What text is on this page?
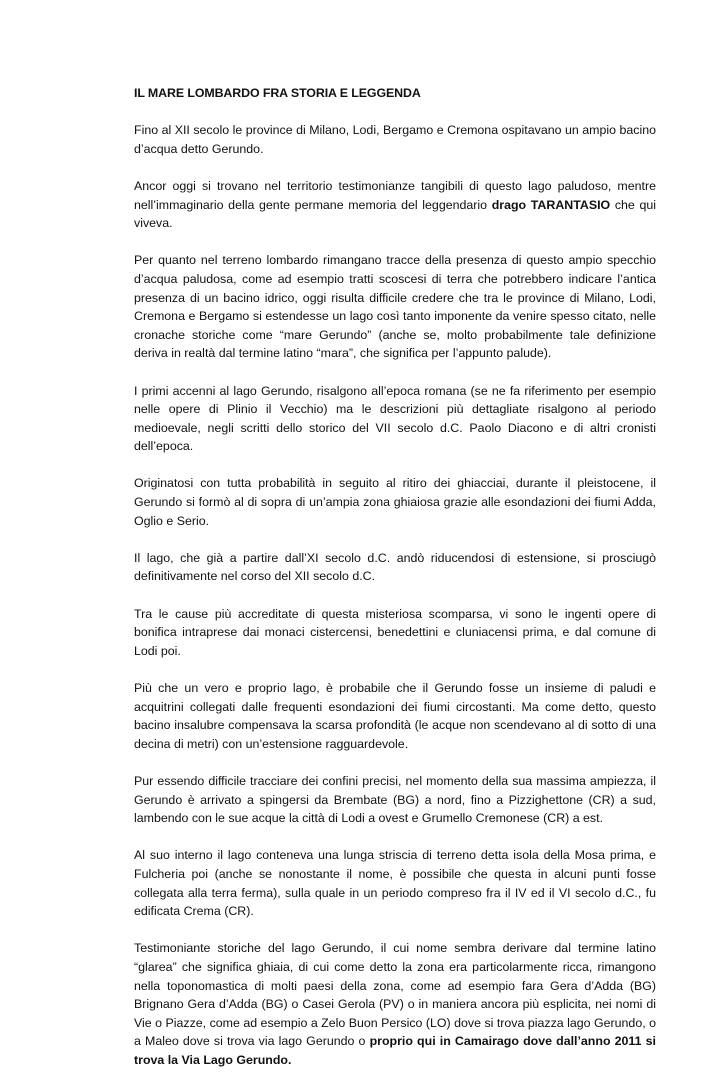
IL MARE LOMBARDO FRA STORIA E LEGGENDA

Fino al XII secolo le province di Milano, Lodi, Bergamo e Cremona ospitavano un ampio bacino d’acqua detto Gerundo.

Ancor oggi si trovano nel territorio testimonianze tangibili di questo lago paludoso, mentre nell’immaginario della gente permane memoria del leggendario drago TARANTASIO che qui viveva.

Per quanto nel terreno lombardo rimangano tracce della presenza di questo ampio specchio d’acqua paludosa, come ad esempio tratti scoscesi di terra che potrebbero indicare l’antica presenza di un bacino idrico, oggi risulta difficile credere che tra le province di Milano, Lodi, Cremona e Bergamo si estendesse un lago così tanto imponente da venire spesso citato, nelle cronache storiche come “mare Gerundo” (anche se, molto probabilmente tale definizione deriva in realtà dal termine latino “mara”, che significa per l’appunto palude).

I primi accenni al lago Gerundo, risalgono all’epoca romana (se ne fa riferimento per esempio nelle opere di Plinio il Vecchio) ma le descrizioni più dettagliate risalgono al periodo medioevale, negli scritti dello storico del VII secolo d.C. Paolo Diacono e di altri cronisti dell’epoca.

Originatosi con tutta probabilità in seguito al ritiro dei ghiacciai, durante il pleistocene, il Gerundo si formò al di sopra di un’ampia zona ghiaiosa grazie alle esondazioni dei fiumi Adda, Oglio e Serio.

Il lago, che già a partire dall’XI secolo d.C. andò riducendosi di estensione, si prosciugò definitivamente nel corso del XII secolo d.C.

Tra le cause più accreditate di questa misteriosa scomparsa, vi sono le ingenti opere di bonifica intraprese dai monaci cistercensi, benedettini e cluniacensi prima, e dal comune di Lodi poi.

Più che un vero e proprio lago, è probabile che il Gerundo fosse un insieme di paludi e acquitrini collegati dalle frequenti esondazioni dei fiumi circostanti. Ma come detto, questo bacino insalubre compensava la scarsa profondità (le acque non scendevano al di sotto di una decina di metri) con un’estensione ragguardevole.

Pur essendo difficile tracciare dei confini precisi, nel momento della sua massima ampiezza, il Gerundo è arrivato a spingersi da Brembate (BG) a nord, fino a Pizzighettone (CR) a sud, lambendo con le sue acque la città di Lodi a ovest e Grumello Cremonese (CR) a est.

Al suo interno il lago conteneva una lunga striscia di terreno detta isola della Mosa prima, e Fulcheria poi (anche se nonostante il nome, è possibile che questa in alcuni punti fosse collegata alla terra ferma), sulla quale in un periodo compreso fra il IV ed il VI secolo d.C., fu edificata Crema (CR).

Testimoniante storiche del lago Gerundo, il cui nome sembra derivare dal termine latino “glarea” che significa ghiaia, di cui come detto la zona era particolarmente ricca, rimangono nella toponomastica di molti paesi della zona, come ad esempio fara Gera d’Adda (BG) Brignano Gera d’Adda (BG) o Casei Gerola (PV) o in maniera ancora più esplicita, nei nomi di Vie o Piazze, come ad esempio a Zelo Buon Persico (LO) dove si trova piazza lago Gerundo, o a Maleo dove si trova via lago Gerundo o proprio qui in Camairago dove dall’anno 2011 si trova la Via Lago Gerundo.
